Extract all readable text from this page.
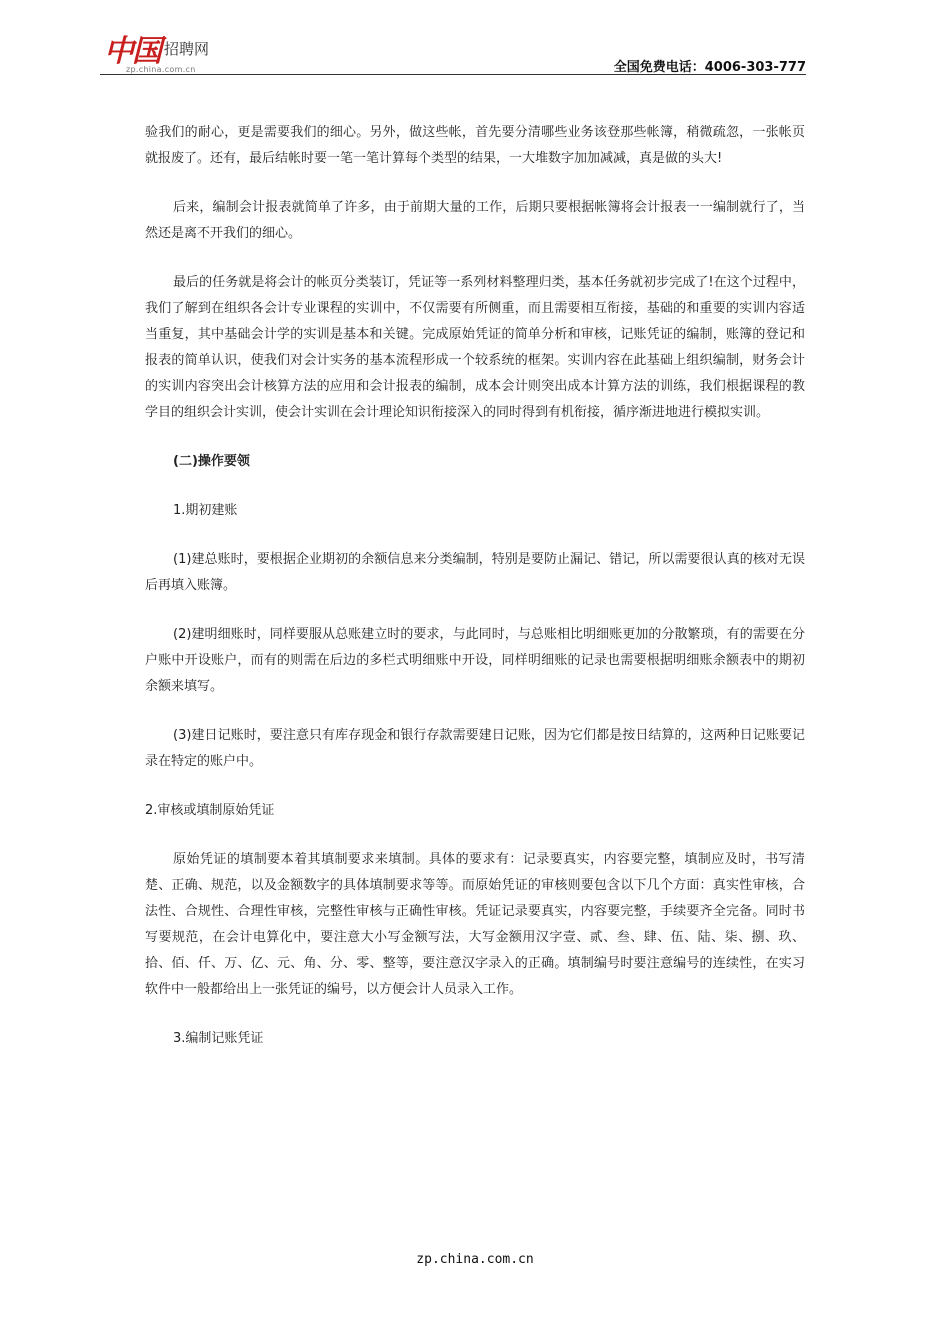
中国 招聘网
zp.china.com.cn	全国免费电话：4006-303-777

验我们的耐心，更是需要我们的细心。另外，做这些帐，首先要分清哪些业务该登那些帐簿，稍微疏忽，一张帐页就报废了。还有，最后结帐时要一笔一笔计算每个类型的结果，一大堆数字加加减减，真是做的头大!

后来，编制会计报表就简单了许多，由于前期大量的工作，后期只要根据帐簿将会计报表一一编制就行了，当然还是离不开我们的细心。

最后的任务就是将会计的帐页分类装订，凭证等一系列材料整理归类，基本任务就初步完成了!在这个过程中，我们了解到在组织各会计专业课程的实训中，不仅需要有所侧重，而且需要相互衔接，基础的和重要的实训内容适当重复，其中基础会计学的实训是基本和关键。完成原始凭证的简单分析和审核，记账凭证的编制，账簿的登记和报表的简单认识，使我们对会计实务的基本流程形成一个较系统的框架。实训内容在此基础上组织编制，财务会计的实训内容突出会计核算方法的应用和会计报表的编制，成本会计则突出成本计算方法的训练，我们根据课程的教学目的组织会计实训，使会计实训在会计理论知识衔接深入的同时得到有机衔接，循序渐进地进行模拟实训。

(二)操作要领

1.期初建账

(1)建总账时，要根据企业期初的余额信息来分类编制，特别是要防止漏记、错记，所以需要很认真的核对无误后再填入账簿。

(2)建明细账时，同样要服从总账建立时的要求，与此同时，与总账相比明细账更加的分散繁琐，有的需要在分户账中开设账户，而有的则需在后边的多栏式明细账中开设，同样明细账的记录也需要根据明细账余额表中的期初余额来填写。

(3)建日记账时，要注意只有库存现金和银行存款需要建日记账，因为它们都是按日结算的，这两种日记账要记录在特定的账户中。

2.审核或填制原始凭证

原始凭证的填制要本着其填制要求来填制。具体的要求有：记录要真实，内容要完整，填制应及时，书写清楚、正确、规范，以及金额数字的具体填制要求等等。而原始凭证的审核则要包含以下几个方面：真实性审核，合法性、合规性、合理性审核，完整性审核与正确性审核。凭证记录要真实，内容要完整，手续要齐全完备。同时书写要规范，在会计电算化中，要注意大小写金额写法，大写金额用汉字壹、贰、叁、肆、伍、陆、柒、捌、玖、拾、佰、仟、万、亿、元、角、分、零、整等，要注意汉字录入的正确。填制编号时要注意编号的连续性，在实习软件中一般都给出上一张凭证的编号，以方便会计人员录入工作。

3.编制记账凭证

zp.china.com.cn
